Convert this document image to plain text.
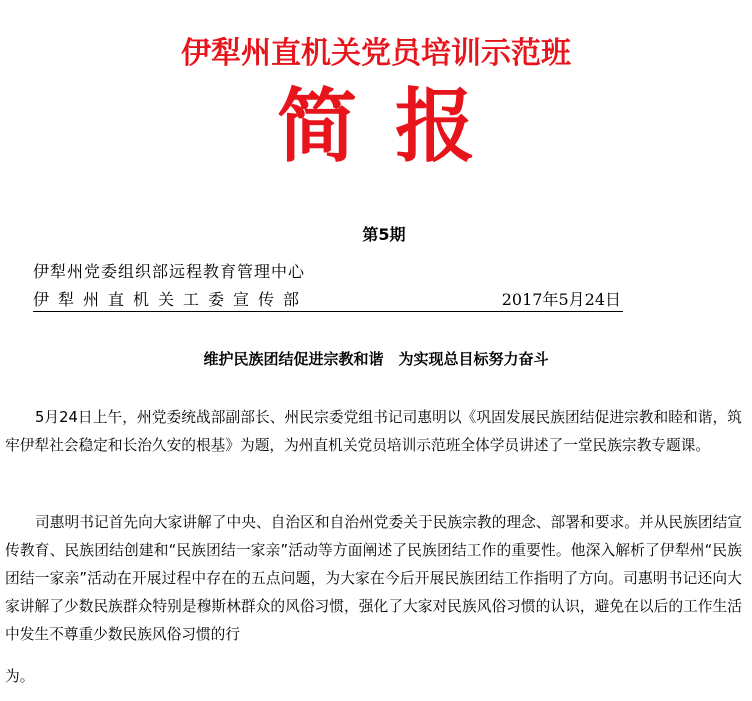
伊犁州直机关党员培训示范班
简报
第5期
伊犁州党委组织部远程教育管理中心
伊犁州直机关工委宣传部	2017年5月24日
维护民族团结促进宗教和谐　为实现总目标努力奋斗

5月24日上午，州党委统战部副部长、州民宗委党组书记司惠明以《巩固发展民族团结促进宗教和睦和谐，筑牢伊犁社会稳定和长治久安的根基》为题，为州直机关党员培训示范班全体学员讲述了一堂民族宗教专题课。

司惠明书记首先向大家讲解了中央、自治区和自治州党委关于民族宗教的理念、部署和要求。并从民族团结宣传教育、民族团结创建和“民族团结一家亲”活动等方面阐述了民族团结工作的重要性。他深入解析了伊犁州“民族团结一家亲”活动在开展过程中存在的五点问题，为大家在今后开展民族团结工作指明了方向。司惠明书记还向大家讲解了少数民族群众特别是穆斯林群众的风俗习惯，强化了大家对民族风俗习惯的认识，避免在以后的工作生活中发生不尊重少数民族风俗习惯的行

为。
